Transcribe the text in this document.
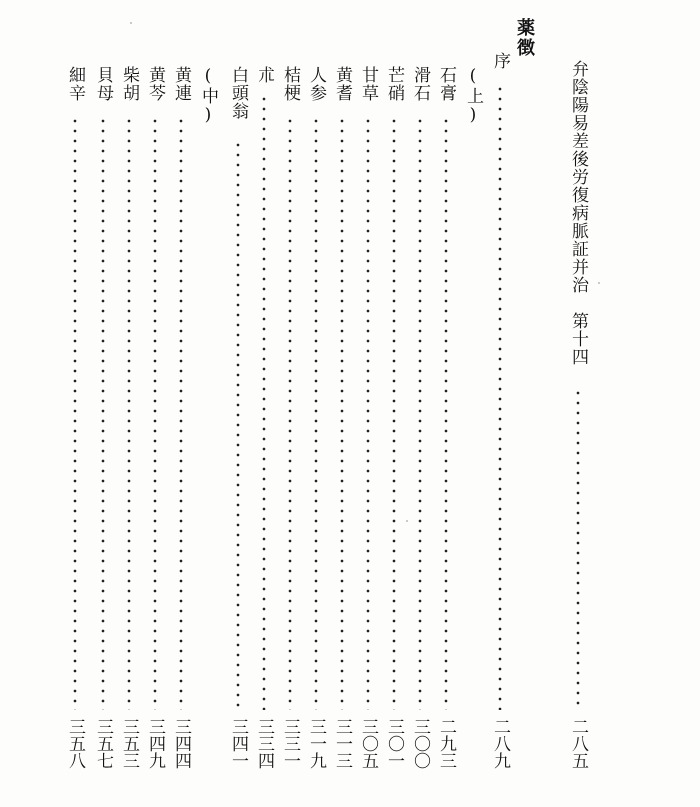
弁陰陽易差後労復病脈証并治
第十四
二八五
薬徴
序
二八九
(上)
石膏
二九三
滑石
三〇〇
芒硝
三〇一
甘草
三〇五
黄耆
三一三
人参
三一九
桔梗
三三一
朮
三三四
白頭翁
三四一
(中)
黄連
三四四
黄芩
三四九
柴胡
三五三
貝母
三五七
細辛
三五八
